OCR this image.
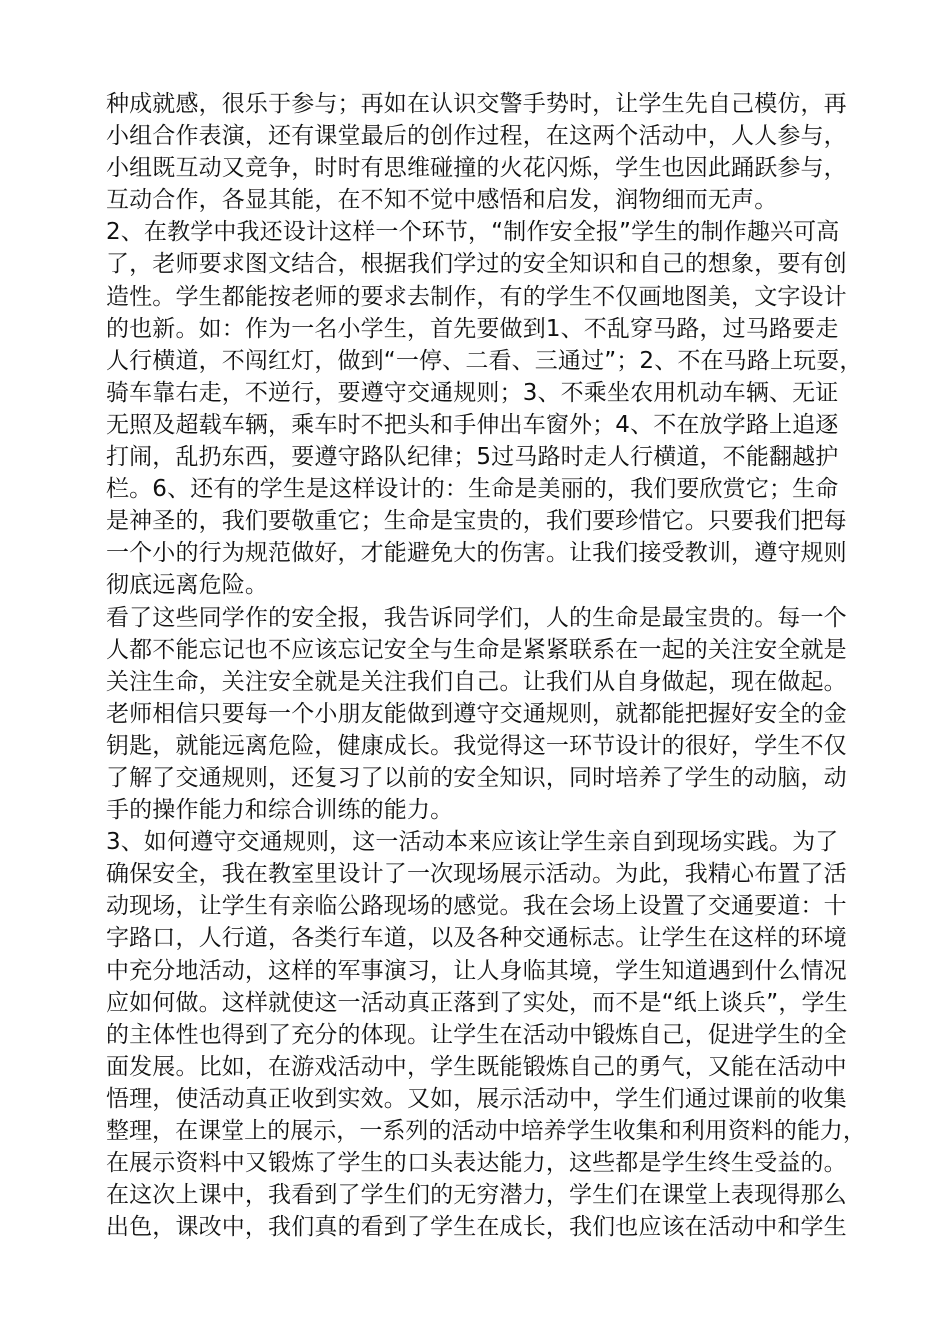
种成就感，很乐于参与；再如在认识交警手势时，让学生先自己模仿，再
小组合作表演，还有课堂最后的创作过程，在这两个活动中，人人参与，
小组既互动又竞争，时时有思维碰撞的火花闪烁，学生也因此踊跃参与，
互动合作，各显其能，在不知不觉中感悟和启发，润物细而无声。
2、在教学中我还设计这样一个环节，“制作安全报”学生的制作趣兴可高
了，老师要求图文结合，根据我们学过的安全知识和自己的想象，要有创
造性。学生都能按老师的要求去制作，有的学生不仅画地图美，文字设计
的也新。如：作为一名小学生，首先要做到1、不乱穿马路，过马路要走
人行横道，不闯红灯，做到“一停、二看、三通过”；2、不在马路上玩耍，
骑车靠右走，不逆行，要遵守交通规则；3、不乘坐农用机动车辆、无证
无照及超载车辆，乘车时不把头和手伸出车窗外；4、不在放学路上追逐
打闹，乱扔东西，要遵守路队纪律；5过马路时走人行横道，不能翻越护
栏。6、还有的学生是这样设计的：生命是美丽的，我们要欣赏它；生命
是神圣的，我们要敬重它；生命是宝贵的，我们要珍惜它。只要我们把每
一个小的行为规范做好，才能避免大的伤害。让我们接受教训，遵守规则
彻底远离危险。
看了这些同学作的安全报，我告诉同学们，人的生命是最宝贵的。每一个
人都不能忘记也不应该忘记安全与生命是紧紧联系在一起的关注安全就是
关注生命，关注安全就是关注我们自己。让我们从自身做起，现在做起。
老师相信只要每一个小朋友能做到遵守交通规则，就都能把握好安全的金
钥匙，就能远离危险，健康成长。我觉得这一环节设计的很好，学生不仅
了解了交通规则，还复习了以前的安全知识，同时培养了学生的动脑，动
手的操作能力和综合训练的能力。
3、如何遵守交通规则，这一活动本来应该让学生亲自到现场实践。为了
确保安全，我在教室里设计了一次现场展示活动。为此，我精心布置了活
动现场，让学生有亲临公路现场的感觉。我在会场上设置了交通要道：十
字路口，人行道，各类行车道，以及各种交通标志。让学生在这样的环境
中充分地活动，这样的军事演习，让人身临其境，学生知道遇到什么情况
应如何做。这样就使这一活动真正落到了实处，而不是“纸上谈兵”，学生
的主体性也得到了充分的体现。让学生在活动中锻炼自己，促进学生的全
面发展。比如，在游戏活动中，学生既能锻炼自己的勇气，又能在活动中
悟理，使活动真正收到实效。又如，展示活动中，学生们通过课前的收集
整理，在课堂上的展示，一系列的活动中培养学生收集和利用资料的能力，
在展示资料中又锻炼了学生的口头表达能力，这些都是学生终生受益的。
在这次上课中，我看到了学生们的无穷潜力，学生们在课堂上表现得那么
出色，课改中，我们真的看到了学生在成长，我们也应该在活动中和学生
